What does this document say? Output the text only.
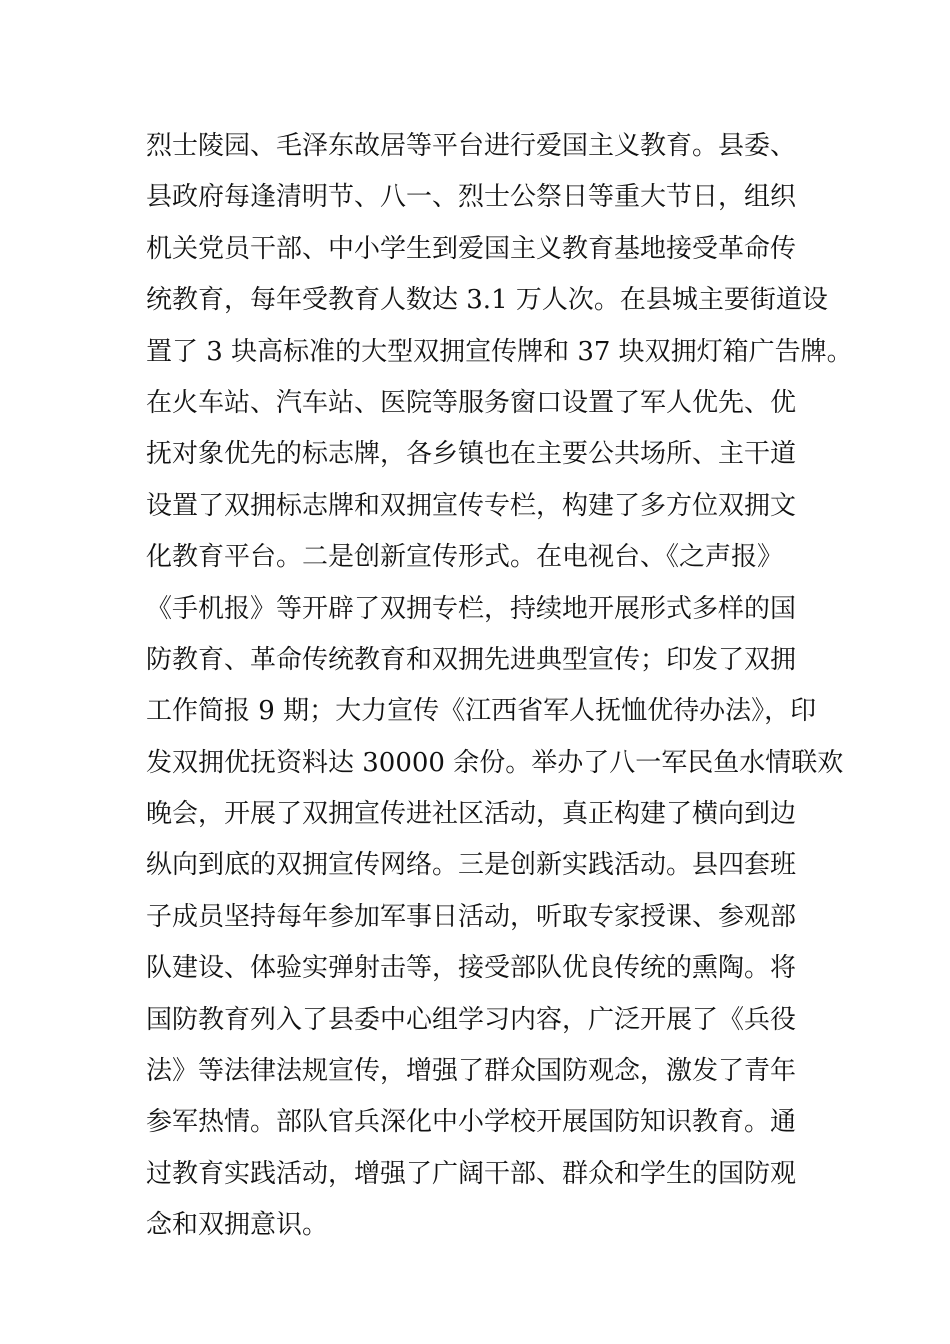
烈士陵园、毛泽东故居等平台进行爱国主义教育。县委、
县政府每逢清明节、八一、烈士公祭日等重大节日，组织
机关党员干部、中小学生到爱国主义教育基地接受革命传
统教育，每年受教育人数达 3.1 万人次。在县城主要街道设
置了 3 块高标准的大型双拥宣传牌和 37 块双拥灯箱广告牌。
在火车站、汽车站、医院等服务窗口设置了军人优先、优
抚对象优先的标志牌，各乡镇也在主要公共场所、主干道
设置了双拥标志牌和双拥宣传专栏，构建了多方位双拥文
化教育平台。二是创新宣传形式。在电视台、《之声报》
《手机报》等开辟了双拥专栏，持续地开展形式多样的国
防教育、革命传统教育和双拥先进典型宣传；印发了双拥
工作简报 9 期；大力宣传《江西省军人抚恤优待办法》，印
发双拥优抚资料达 30000 余份。举办了八一军民鱼水情联欢
晚会，开展了双拥宣传进社区活动，真正构建了横向到边
纵向到底的双拥宣传网络。三是创新实践活动。县四套班
子成员坚持每年参加军事日活动，听取专家授课、参观部
队建设、体验实弹射击等，接受部队优良传统的熏陶。将
国防教育列入了县委中心组学习内容，广泛开展了《兵役
法》等法律法规宣传，增强了群众国防观念，激发了青年
参军热情。部队官兵深化中小学校开展国防知识教育。通
过教育实践活动，增强了广阔干部、群众和学生的国防观
念和双拥意识。
